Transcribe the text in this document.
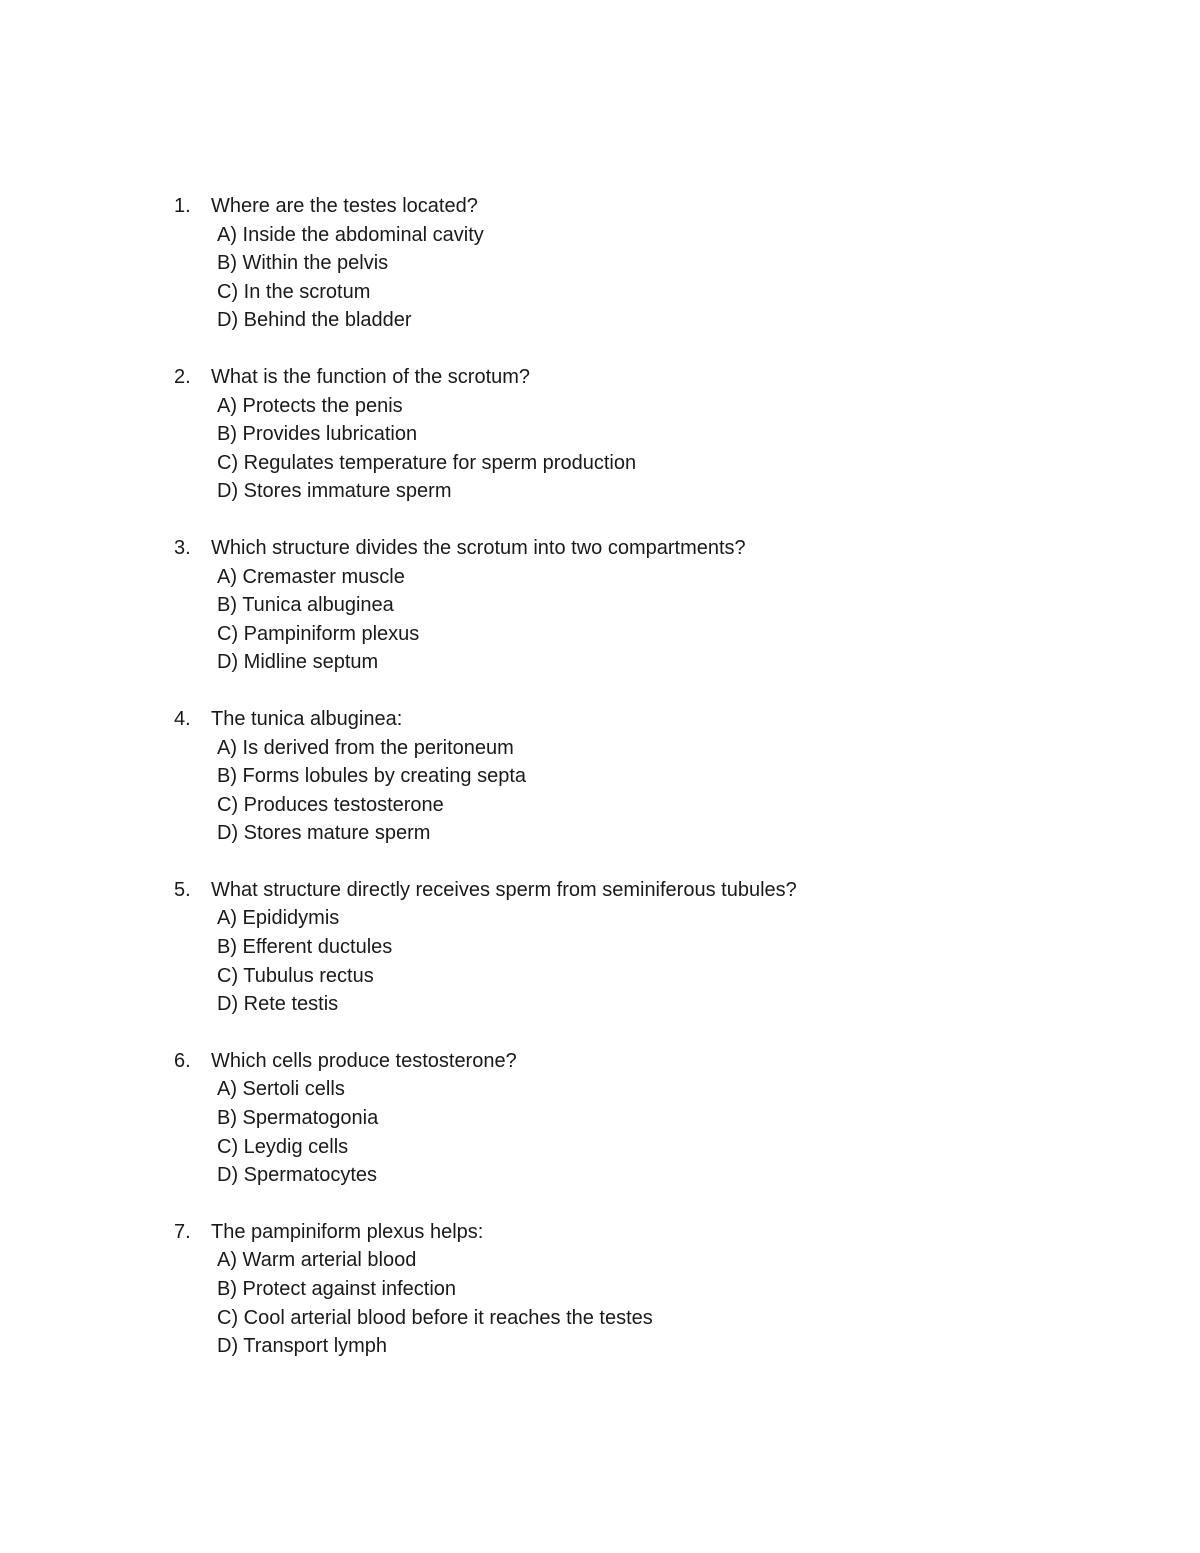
1.	Where are the testes located?
A) Inside the abdominal cavity
B) Within the pelvis
C) In the scrotum
D) Behind the bladder
2.	What is the function of the scrotum?
A) Protects the penis
B) Provides lubrication
C) Regulates temperature for sperm production
D) Stores immature sperm
3.	Which structure divides the scrotum into two compartments?
A) Cremaster muscle
B) Tunica albuginea
C) Pampiniform plexus
D) Midline septum
4.	The tunica albuginea:
A) Is derived from the peritoneum
B) Forms lobules by creating septa
C) Produces testosterone
D) Stores mature sperm
5.	What structure directly receives sperm from seminiferous tubules?
A) Epididymis
B) Efferent ductules
C) Tubulus rectus
D) Rete testis
6.	Which cells produce testosterone?
A) Sertoli cells
B) Spermatogonia
C) Leydig cells
D) Spermatocytes
7.	The pampiniform plexus helps:
A) Warm arterial blood
B) Protect against infection
C) Cool arterial blood before it reaches the testes
D) Transport lymph
